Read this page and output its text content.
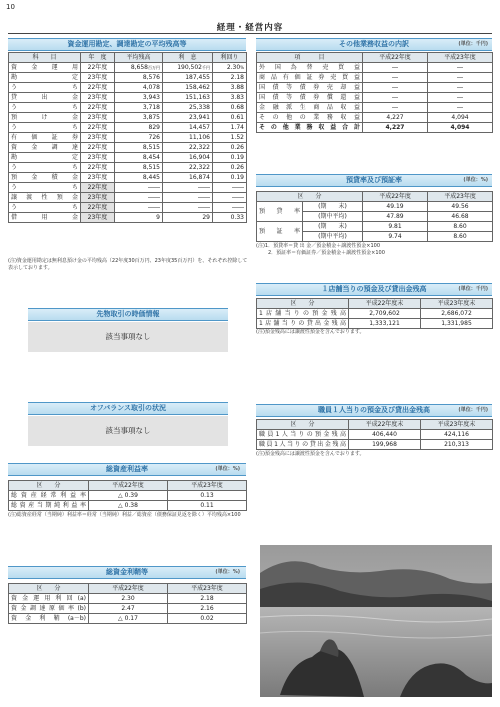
10
経理・経営内容
資金運用勘定、調達勘定の平均残高等
科　　目	年　度	平均残高	利　息	利回り
資 金 運 用	22年度	8,658百万円	190,502千円	2.30%
勘　　　　定	23年度	8,576	187,455	2.18
う　　　ち	22年度	4,078	158,462	3.88
貸　出　金	23年度	3,943	151,163	3.83
う　　　ち	22年度	3,718	25,338	0.68
預　け　金	23年度	3,875	23,941	0.61
う　　　ち	22年度	829	14,457	1.74
有 価 証 券	23年度	726	11,106	1.52
資 金 調 達	22年度	8,515	22,322	0.26
勘　　　　定	23年度	8,454	16,904	0.19
う　　　ち	22年度	8,515	22,322	0.26
預 金 積 金	23年度	8,445	16,874	0.19
う　　　ち	22年度	――	――	――
譲 渡 性 預 金	23年度	――	――	――
う　　　ち	22年度	――	――	――
借　用　金	23年度	9	29	0.33
(注)資金運用勘定は無利息預け金の平均残高（22年度30百万円、23年度35百万円）を、それぞれ控除して表示しております。
その他業務収益の内訳	(単位：千円)
項　　　目	平成22年度	平成23年度
外国為替売買益	―	―
商品有価証券売買益	―	―
国債等債券売却益	―	―
国債等債券償還益	―	―
金融派生商品収益	―	―
その他の業務収益	4,227	4,094
その他業務収益合計	4,227	4,094
預貸率及び預証率	(単位：%)
区　　分		平成22年度	平成23年度
預　貸　率	(期　　末)	49.19	49.56
	(期中平均)	47.89	46.68
預　証　率	(期　　末)	9.81	8.60
	(期中平均)	9.74	8.60
(注)1．預貸率＝貸 出 金／預金積金＋譲渡性預金×100
2．預証率＝有価証券／預金積金＋譲渡性預金×100
１店舗当りの預金及び貸出金残高	(単位：千円)
区　　分	平成22年度末	平成23年度末
1店舗当りの預金残高	2,709,602	2,686,072
1店舗当りの貸出金残高	1,333,121	1,331,985
(注)預金残高には譲渡性預金を含んでおります。
先物取引の時価情報
該当事項なし
オフバランス取引の状況
該当事項なし
職員１人当りの預金及び貸出金残高	(単位：千円)
区　　分	平成22年度末	平成23年度末
職員1人当りの預金残高	406,440	424,116
職員1人当りの貸出金残高	199,968	210,313
(注)預金残高には譲渡性預金を含んでおります。
総資産利益率	(単位：%)
区　　分	平成22年度	平成23年度
総資産経常利益率	△ 0.39	0.13
総資産当期純利益率	△ 0.38	0.11
(注)総資産経常（当期純）利益率＝経常（当期純）利益／総資産（債務保証見返を除く）平均残高×100
総資金利鞘等	(単位：%)
区　　分	平成22年度	平成23年度
資金運用利回(a)	2.30	2.18
資金調達原価率(b)	2.47	2.16
資金利鞘(a－b)	△ 0.17	0.02
